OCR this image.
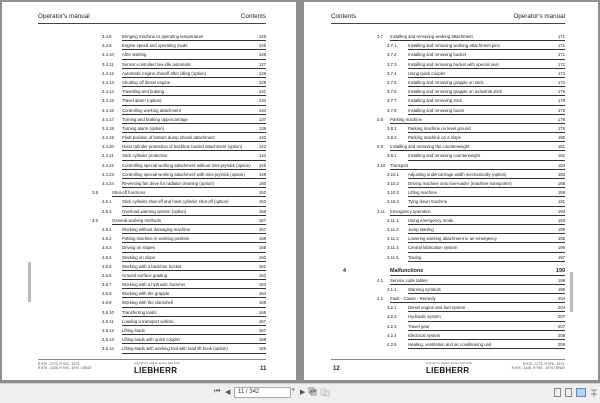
Operator's manual	Contents
3.4.8 Bringing machine to operating temperature	125
3.4.9 Engine speed and operating mode	125
3.4.10 After starting	126
3.4.11 Sensor-controlled low idle automatic	127
3.4.12 Automatic engine shutoff after idling (option)	128
3.4.13 Shutting off diesel engine	129
3.4.14 Travelling and braking	131
3.4.15 Travel alarm (option)	134
3.4.16 Controlling working attachment	134
3.4.17 Turning and braking uppercarriage	137
3.4.18 Turning alarm (option)	138
3.4.19 Float position of bottom dump shovel attachment	140
3.4.20 Hoist cylinder protection of backhoe bucket attachment (option)	142
3.4.21 Stick cylinder protection	144
3.4.22 Controlling special working attachment without mini-joystick (option) 145
3.4.23 Controlling special working attachment with mini-joystick (option)	148
3.4.24 Reversing fan drive for radiator cleaning (option)	150
3.5	Shut-off functions	152
3.5.1 Stick cylinder shut-off and hoist cylinder shut-off (option)	152
3.5.2 Overload warning system (option)	155
3.6	General working methods	157
3.6.1 Working without damaging machine	157
3.6.2 Putting machine in working position	158
3.6.3 Driving on slopes	159
3.6.4 Working on slope	160
3.6.5 Working with a backhoe bucket	161
3.6.6 Ground surface grading	162
3.6.7 Working with a hydraulic hammer	163
3.6.8 Working with the grapple	164
3.6.9 Working with the clamshell	165
3.6.10 Transferring loads	166
3.6.11 Loading a transport vehicle	167
3.6.12 Lifting loads	167
3.6.13 Lifting loads with quick coupler	168
3.6.14 Lifting loads with working tool with load lift hook (option)	169
R 970 - 1773, R 976 - 1973,
R 976 - 1426, R 976 - 1974 / 39100
copyright by Liebherr-France SAS 2018
LIEBHERR	11
Contents	Operator's manual
3.7 Installing and removing working attachment	171
3.7.1	Installing and removing working attachment pins	171
3.7.2	Installing and removing bucket	171
3.7.3	Installing and removing bucket with special seal	172
3.7.4	Using quick coupler	174
3.7.5	Installing and removing grapple on stick	174
3.7.6	Installing and removing grapple on industrial stick	176
3.7.7	Installing and removing stick	178
3.7.8	Installing and removing boom	178
3.8 Parking machine	179
3.8.1	Parking machine on level ground	179
3.8.2	Parking machine on a slope	180
3.9 Installing and removing the counterweight	181
3.9.1	Installing and removing counterweight	181
3.10 Transport	183
3.10.1 Adjusting undercarriage width mechanically (option)	183
3.10.2 Driving machine onto low-loader (machine transporter)	188
3.10.3 Lifting machine	189
3.10.4 Tying down machine	191
3.11 Emergency operation	193
3.11.1 Using emergency mode	193
3.11.2 Jump starting	195
3.11.3 Lowering working attachment in an emergency	195
3.11.4 Central lubrication system	196
3.11.5 Towing	197
4	Malfunctions	199
4.1 Service code tables	199
4.1.1	Warning symbols	199
4.2 Fault - Cause - Remedy	204
4.2.1	Diesel engine and fuel system	204
4.2.2	Hydraulic system	207
4.2.3	Travel gear	207
4.2.4	Electrical system	208
4.2.5	Heating, ventilation and air conditioning unit	208
12
copyright by Liebherr-France SAS 2018
LIEBHERR
R 970 - 1773, R 976 - 1973,
R 976 - 1426, R 976 - 1974 / 39100
⏮ ◀
11 / 342	▾ ▶ ⏭
